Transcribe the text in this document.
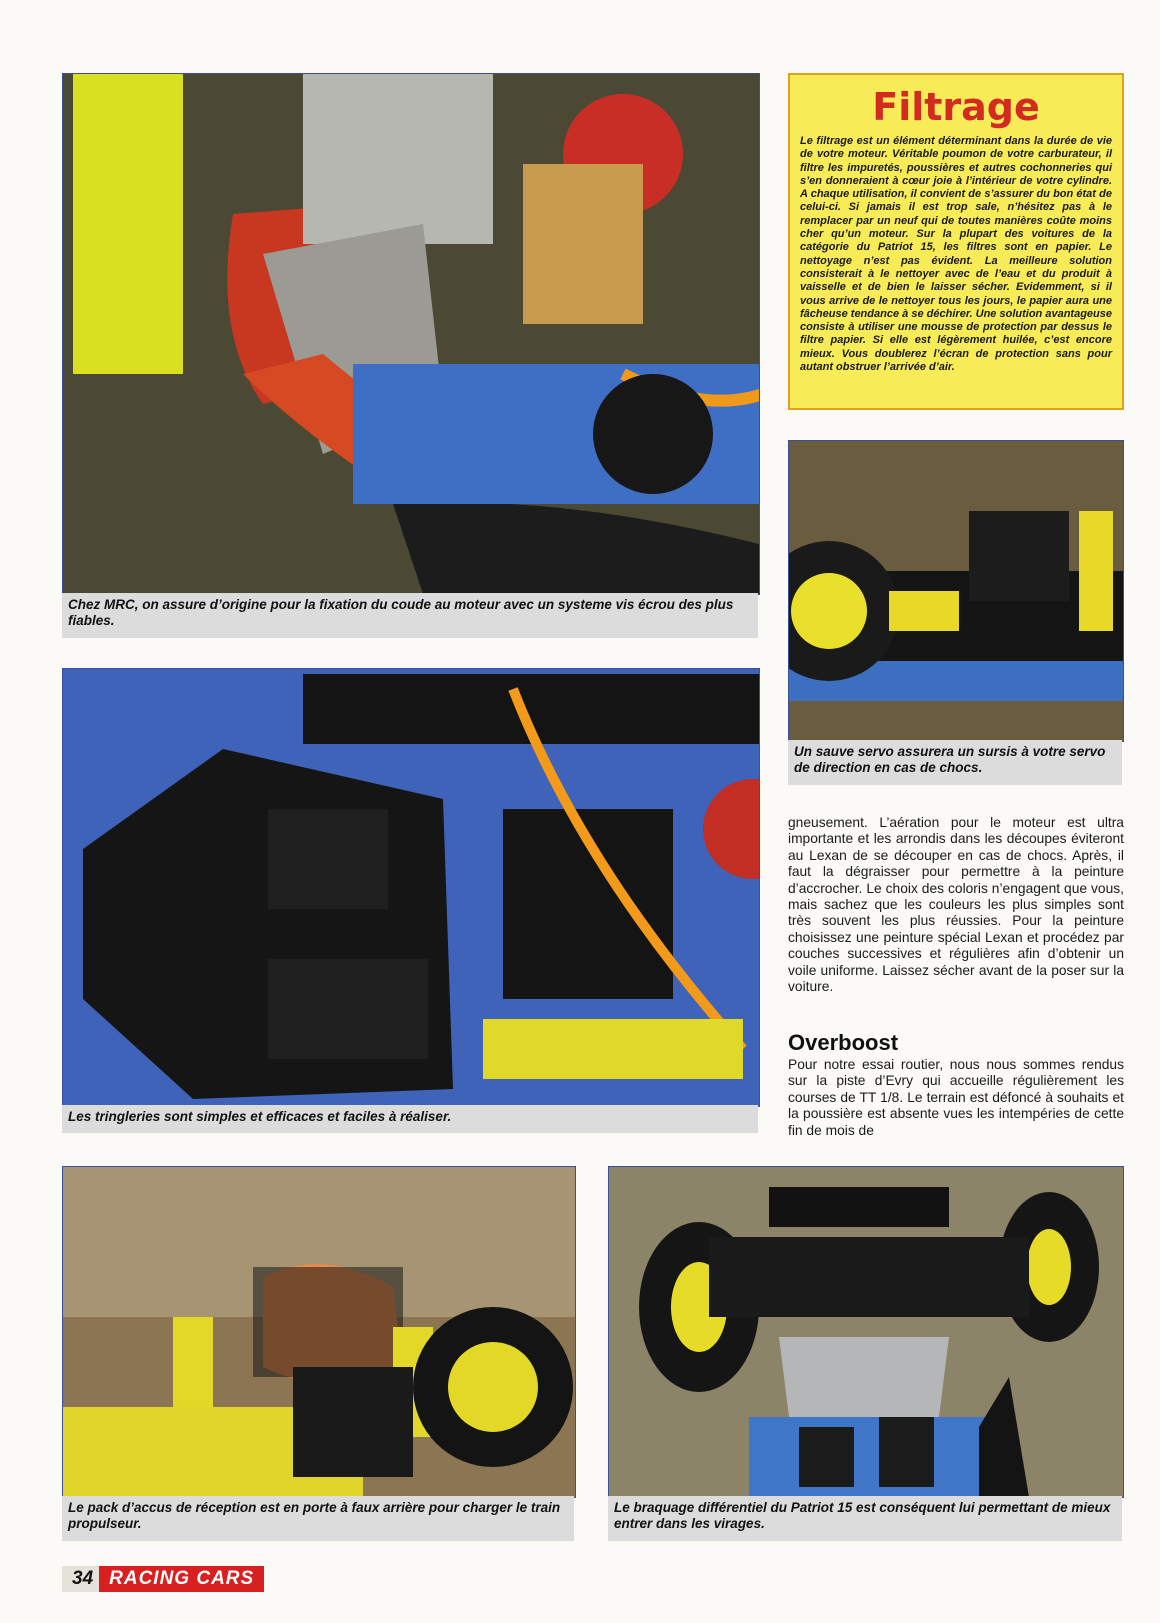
Chez MRC, on assure d’origine pour la fixation du coude au moteur avec un systeme vis écrou des plus fiables.
Filtrage
Le filtrage est un élément déterminant dans la durée de vie de votre moteur. Véritable poumon de votre carburateur, il filtre les impuretés, poussières et autres cochonneries qui s’en donneraient à cœur joie à l’intérieur de votre cylindre. A chaque utilisation, il convient de s’assurer du bon état de celui-ci. Si jamais il est trop sale, n’hésitez pas à le remplacer par un neuf qui de toutes manières coûte moins cher qu’un moteur. Sur la plupart des voitures de la catégorie du Patriot 15, les filtres sont en papier. Le nettoyage n’est pas évident. La meilleure solution consisterait à le nettoyer avec de l’eau et du produit à vaisselle et de bien le laisser sécher. Evidemment, si il vous arrive de le nettoyer tous les jours, le papier aura une fâcheuse tendance à se déchirer. Une solution avantageuse consiste à utiliser une mousse de protection par dessus le filtre papier. Si elle est légèrement huilée, c’est encore mieux. Vous doublerez l’écran de protection sans pour autant obstruer l’arrivée d’air.
Un sauve servo assurera un sursis à votre servo de direction en cas de chocs.
gneusement. L’aération pour le moteur est ultra importante et les arrondis dans les découpes éviteront au Lexan de se découper en cas de chocs. Après, il faut la dégraisser pour permettre à la peinture d’accrocher. Le choix des coloris n’engagent que vous, mais sachez que les couleurs les plus simples sont très souvent les plus réussies. Pour la peinture choisissez une peinture spécial Lexan et procédez par couches successives et régulières afin d’obtenir un voile uniforme. Laissez sécher avant de la poser sur la voiture.
Les tringleries sont simples et efficaces et faciles à réaliser.
Overboost
Pour notre essai routier, nous nous sommes rendus sur la piste d’Evry qui accueille régulièrement les courses de TT 1/8. Le terrain est défoncé à souhaits et la poussière est absente vues les intempéries de cette fin de mois de
Le pack d’accus de réception est en porte à faux arrière pour charger le train propulseur.
Le braquage différentiel du Patriot 15 est conséquent lui permettant de mieux entrer dans les virages.
34 RACING CARS
